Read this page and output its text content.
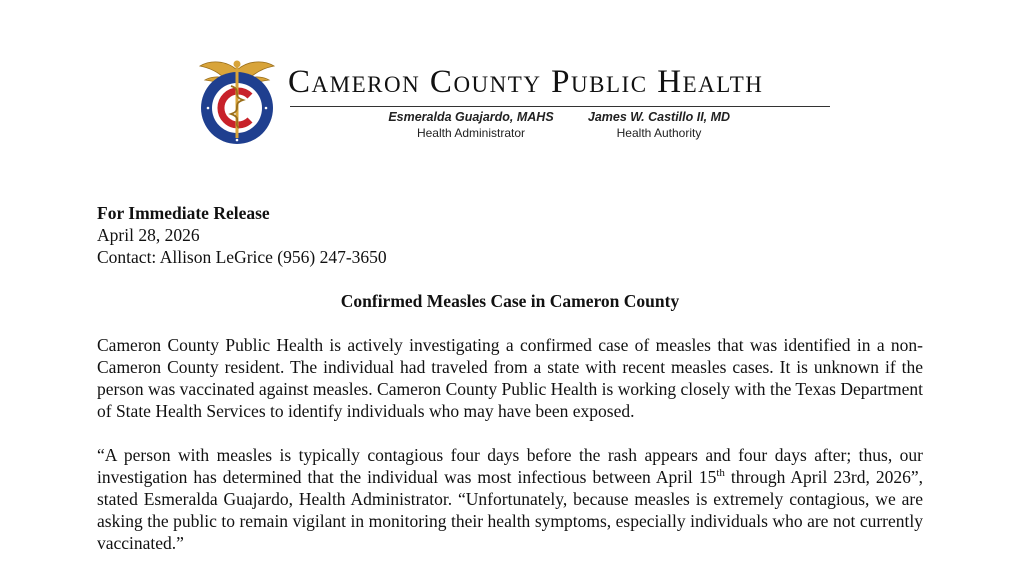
Cameron County Public Health
Esmeralda Guajardo, MAHS
Health Administrator
James W. Castillo II, MD
Health Authority
For Immediate Release
April 28, 2026
Contact: Allison LeGrice (956) 247-3650
Confirmed Measles Case in Cameron County
Cameron County Public Health is actively investigating a confirmed case of measles that was identified in a non-Cameron County resident. The individual had traveled from a state with recent measles cases. It is unknown if the person was vaccinated against measles. Cameron County Public Health is working closely with the Texas Department of State Health Services to identify individuals who may have been exposed.
“A person with measles is typically contagious four days before the rash appears and four days after; thus, our investigation has determined that the individual was most infectious between April 15th through April 23rd, 2026”, stated Esmeralda Guajardo, Health Administrator. “Unfortunately, because measles is extremely contagious, we are asking the public to remain vigilant in monitoring their health symptoms, especially individuals who are not currently vaccinated.”
